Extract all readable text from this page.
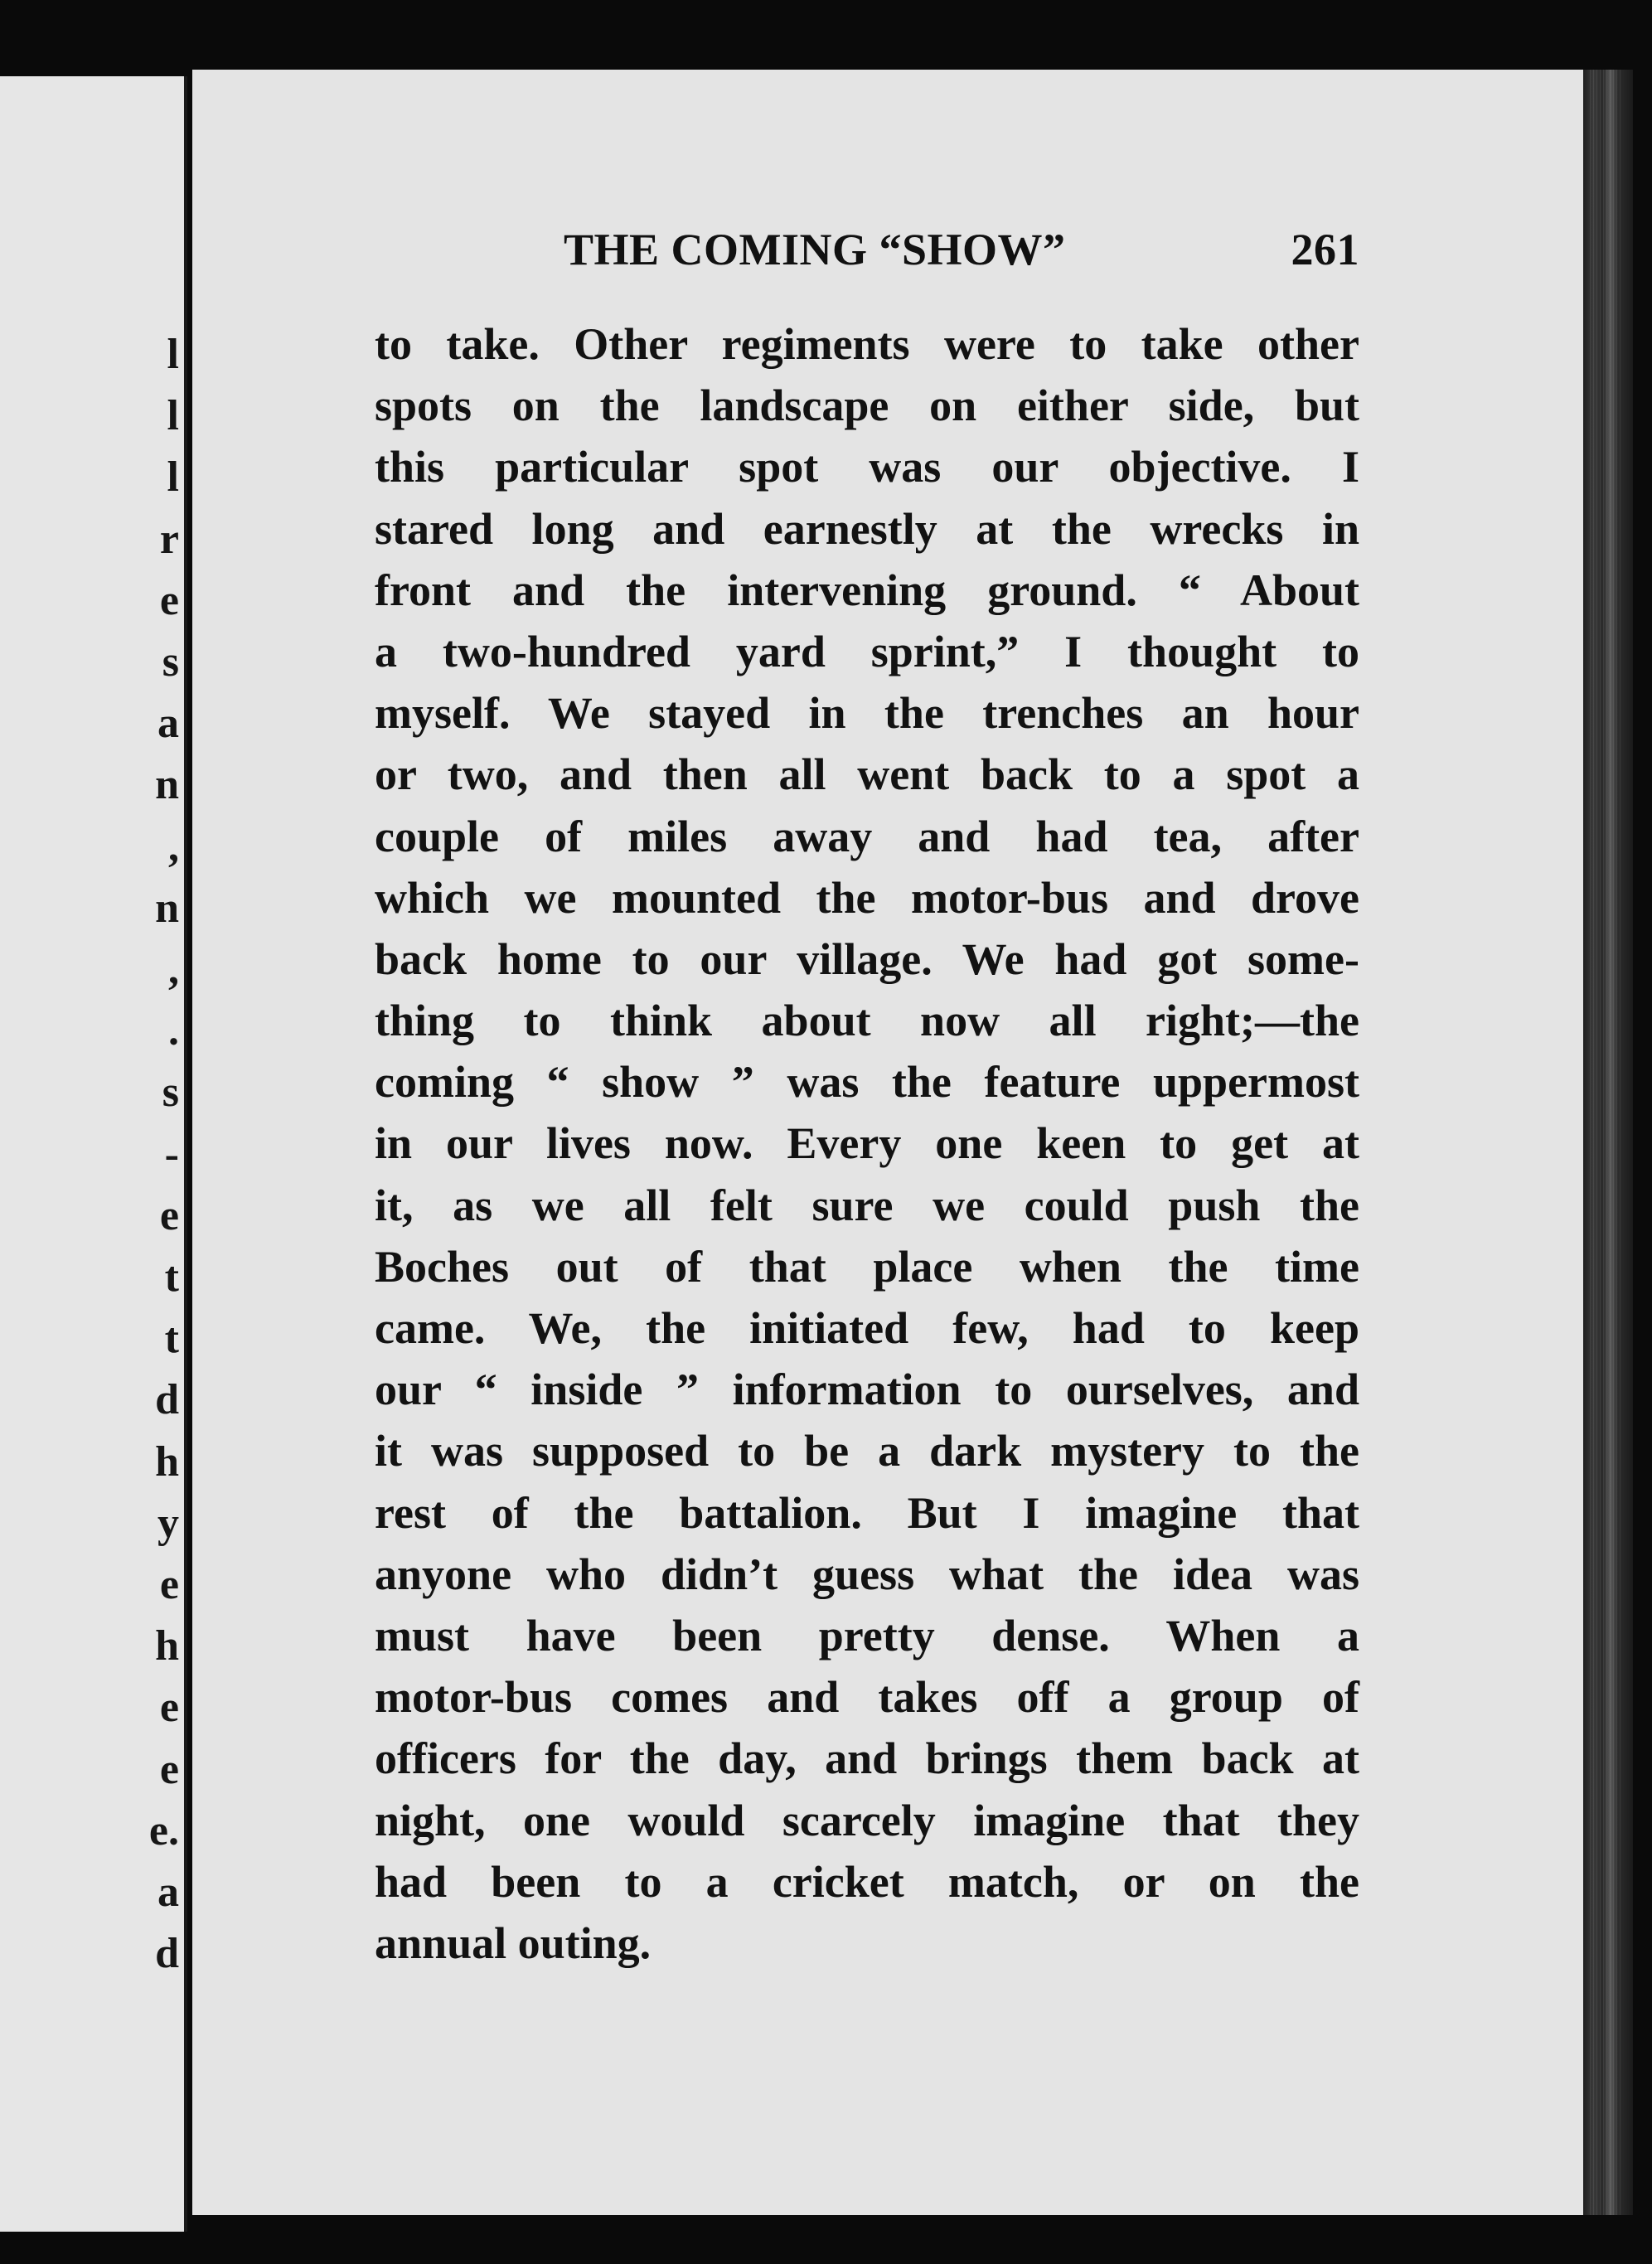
l
l
l
r
e
s
a
n
,
n
,
.
s
-
e
t
t
d
h
y
e
h
e
e
e.
a
d
THE COMING “SHOW”	261
to take. Other regiments were to take other
spots on the landscape on either side, but
this particular spot was our objective. I
stared long and earnestly at the wrecks in
front and the intervening ground. “ About
a two-hundred yard sprint,” I thought to
myself. We stayed in the trenches an hour
or two, and then all went back to a spot a
couple of miles away and had tea, after
which we mounted the motor-bus and drove
back home to our village. We had got some-
thing to think about now all right;—the
coming “ show ” was the feature uppermost
in our lives now. Every one keen to get at
it, as we all felt sure we could push the
Boches out of that place when the time
came. We, the initiated few, had to keep
our “ inside ” information to ourselves, and
it was supposed to be a dark mystery to the
rest of the battalion. But I imagine that
anyone who didn’t guess what the idea was
must have been pretty dense. When a
motor-bus comes and takes off a group of
officers for the day, and brings them back at
night, one would scarcely imagine that they
had been to a cricket match, or on the
annual outing.
